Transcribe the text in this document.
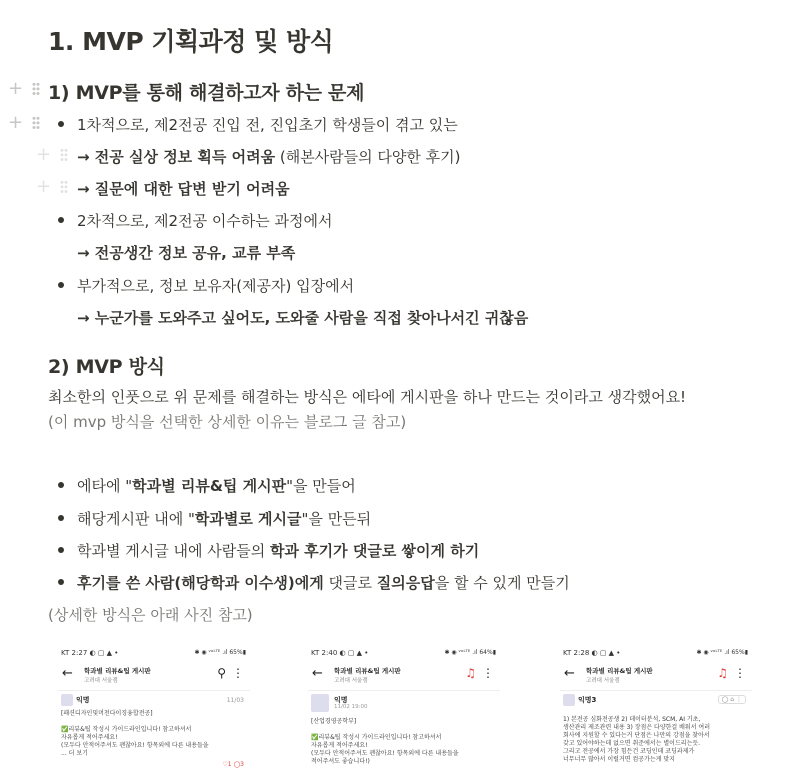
1. MVP 기획과정 및 방식
+ 1) MVP를 통해 해결하고자 하는 문제
+	1차적으로, 제2전공 진입 전, 진입초기 학생들이 겪고 있는
+ → 전공 실상 정보 획득 어려움 (해본사람들의 다양한 후기)
+ → 질문에 대한 답변 받기 어려움
2차적으로, 제2전공 이수하는 과정에서
→ 전공생간 정보 공유, 교류 부족
부가적으로, 정보 보유자(제공자) 입장에서
→ 누군가를 도와주고 싶어도, 도와줄 사람을 직접 찾아나서긴 귀찮음
2) MVP 방식
최소한의 인풋으로 위 문제를 해결하는 방식은 에타에 게시판을 하나 만드는 것이라고 생각했어요!
(이 mvp 방식을 선택한 상세한 이유는 블로그 글 참고)
에타에 "학과별 리뷰&팁 게시판"을 만들어
해당게시판 내에 "학과별로 게시글"을 만든뒤
학과별 게시글 내에 사람들의 학과 후기가 댓글로 쌓이게 하기
후기를 쓴 사람(해당학과 이수생)에게 댓글로 질의응답을 할 수 있게 만들기
(상세한 방식은 아래 사진 참고)
KT 2:27 ◐ ▢ ▲ •	✱ ◉ ᵛᵒᴸᵀᴱ .ıl 65%▮
← 학과별 리뷰&팁 게시판
고려대 서울캠
⚲ ⋮
익명	11/03
[패션디자인및머천다이징융합전공]

✅리뷰&팁 작성시 가이드라인입니다! 참고하셔서
자유롭게 적어주세요!
(모두다 안적어주셔도 괜찮아요! 항목외에 다른 내용들을
... 더 보기
♡1 ◯3
KT 2:40 ◐ ▢ ▲ •	✱ ◉ ᵛᵒᴸᵀᴱ .ıl 64%▮
← 학과별 리뷰&팁 게시판
고려대 서울캠
♫ ⋮
익명
11/02 19:00
[산업경영공학부]

✅리뷰&팁 작성시 가이드라인입니다! 참고하셔서
자유롭게 적어주세요!
(모두다 안적어주셔도 괜찮아요! 항목외에 다른 내용들을
적어주셔도 좋습니다!)
KT 2:28 ◐ ▢ ▲ •	✱ ◉ ᵛᵒᴸᵀᴱ .ıl 65%▮
← 학과별 리뷰&팁 게시판
고려대 서울캠
♫ ⋮
익명3	◯ ⌂ ⋮
1) 본전공 심화전공생 2) 데이터분석, SCM, AI 기초,
생산관리 제조관련 내용 3) 장점은 다양한걸 배워서 여러
회사에 지원할 수 있다는거 단점은 나만의 강점을 찾아서
갖고 있어야하는데 없으면 취준에서는 별이드리는듯.
그리고 전공에서 가장 힘든건 코딩인데 코딩과제가
너무너무 많아서 이럴거면 컴공가는게 맞지
